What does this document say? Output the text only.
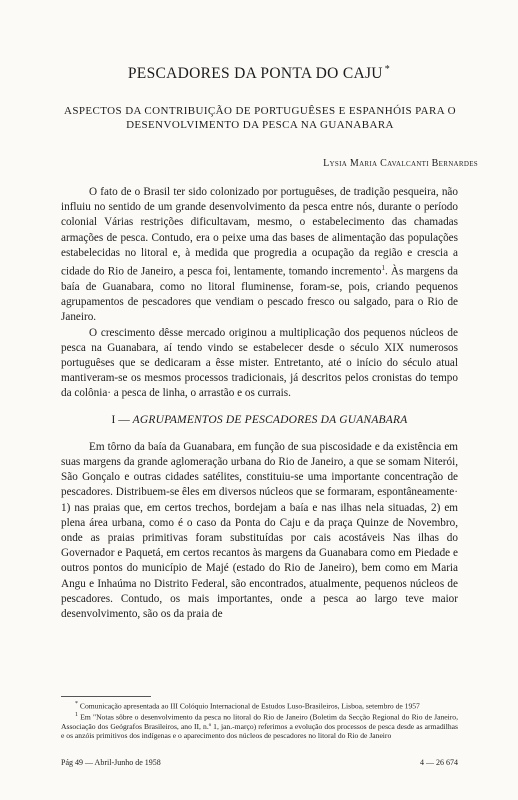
PESCADORES DA PONTA DO CAJU *
ASPECTOS DA CONTRIBUIÇÃO DE PORTUGUÊSES E ESPANHÓIS PARA O DESENVOLVIMENTO DA PESCA NA GUANABARA
Lysia Maria Cavalcanti Bernardes

O fato de o Brasil ter sido colonizado por portuguêses, de tradição pesqueira, não influiu no sentido de um grande desenvolvimento da pesca entre nós, durante o período colonial Várias restrições dificultavam, mesmo, o estabelecimento das chamadas armações de pesca. Contudo, era o peixe uma das bases de alimentação das populações estabelecidas no litoral e, à medida que progredia a ocupação da região e crescia a cidade do Rio de Janeiro, a pesca foi, lentamente, tomando incremento$^1$. Às margens da baía de Guanabara, como no litoral fluminense, foram-se, pois, criando pequenos agrupamentos de pescadores que vendiam o pescado fresco ou salgado, para o Rio de Janeiro.

O crescimento dêsse mercado originou a multiplicação dos pequenos núcleos de pesca na Guanabara, aí tendo vindo se estabelecer desde o século XIX numerosos portuguêses que se dedicaram a êsse mister. Entretanto, até o início do século atual mantiveram-se os mesmos processos tradicionais, já descritos pelos cronistas do tempo da colônia· a pesca de linha, o arrastão e os currais.

I — AGRUPAMENTOS DE PESCADORES DA GUANABARA

Em tôrno da baía da Guanabara, em função de sua piscosidade e da existência em suas margens da grande aglomeração urbana do Rio de Janeiro, a que se somam Niterói, São Gonçalo e outras cidades satélites, constituiu-se uma importante concentração de pescadores. Distribuem-se êles em diversos núcleos que se formaram, espontâneamente· 1) nas praias que, em certos trechos, bordejam a baía e nas ilhas nela situadas, 2) em plena área urbana, como é o caso da Ponta do Caju e da praça Quinze de Novembro, onde as praias primitivas foram substituídas por cais acostáveis Nas ilhas do Governador e Paquetá, em certos recantos às margens da Guanabara como em Piedade e outros pontos do município de Majé (estado do Rio de Janeiro), bem como em Maria Angu e Inhaúma no Distrito Federal, são encontrados, atualmente, pequenos núcleos de pescadores. Contudo, os mais importantes, onde a pesca ao largo teve maior desenvolvimento, são os da praia de

* Comunicação apresentada ao III Colóquio Internacional de Estudos Luso-Brasileiros, Lisboa, setembro de 1957

$^1$ Em "Notas sôbre o desenvolvimento da pesca no litoral do Rio de Janeiro (Boletim da Secção Regional do Rio de Janeiro, Associação dos Geógrafos Brasileiros, ano II, n.º 1, jan.-março) referimos a evolução dos processos de pesca desde as armadilhas e os anzóis primitivos dos indígenas e o aparecimento dos núcleos de pescadores no litoral do Rio de Janeiro

Pág 49 — Abril-Junho de 1958	4 — 26 674
